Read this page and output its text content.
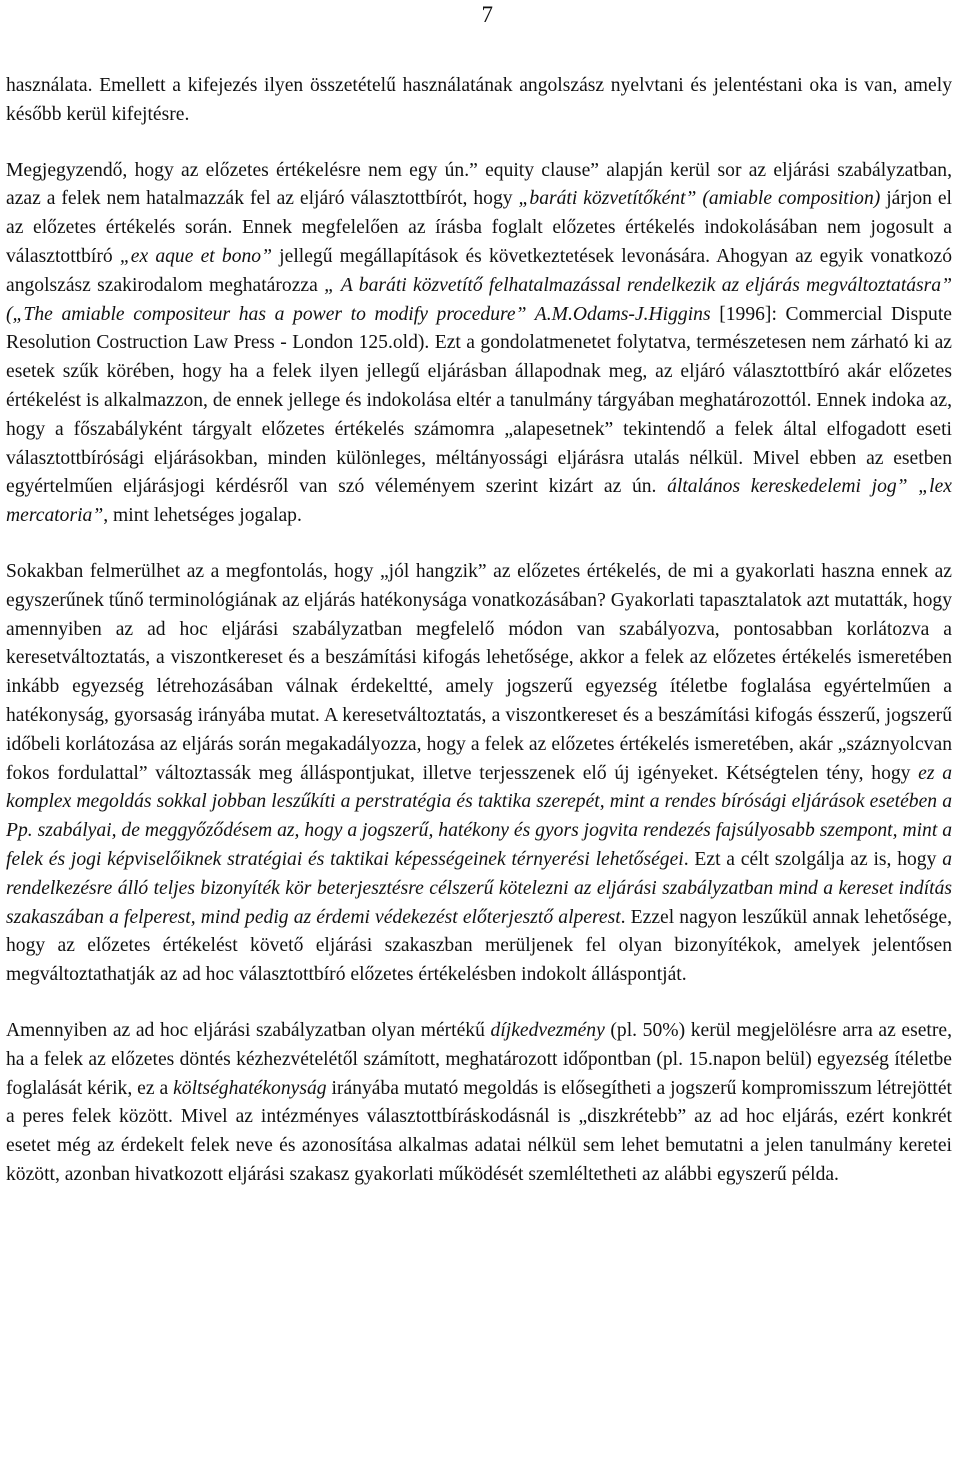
7

használata. Emellett a kifejezés ilyen összetételű használatának angolszász nyelvtani és jelentéstani oka is van, amely később kerül kifejtésre.

Megjegyzendő, hogy az előzetes értékelésre nem egy ún.” equity clause” alapján kerül sor az eljárási szabályzatban, azaz a felek nem hatalmazzák fel az eljáró választottbírót, hogy „baráti közvetítőként” (amiable composition) járjon el az előzetes értékelés során. Ennek megfelelően az írásba foglalt előzetes értékelés indokolásában nem jogosult a választottbíró „ex aque et bono” jellegű megállapítások és következtetések levonására. Ahogyan az egyik vonatkozó angolszász szakirodalom meghatározza „ A baráti közvetítő felhatalmazással rendelkezik az eljárás megváltoztatásra” („The amiable compositeur has a power to modify procedure” A.M.Odams-J.Higgins [1996]: Commercial Dispute Resolution Costruction Law Press - London 125.old). Ezt a gondolatmenetet folytatva, természetesen nem zárható ki az esetek szűk körében, hogy ha a felek ilyen jellegű eljárásban állapodnak meg, az eljáró választottbíró akár előzetes értékelést is alkalmazzon, de ennek jellege és indokolása eltér a tanulmány tárgyában meghatározottól. Ennek indoka az, hogy a főszabályként tárgyalt előzetes értékelés számomra „alapesetnek” tekintendő a felek által elfogadott eseti választottbírósági eljárásokban, minden különleges, méltányossági eljárásra utalás nélkül. Mivel ebben az esetben egyértelműen eljárásjogi kérdésről van szó véleményem szerint kizárt az ún. általános kereskedelemi jog” „lex mercatoria”, mint lehetséges jogalap.

Sokakban felmerülhet az a megfontolás, hogy „jól hangzik” az előzetes értékelés, de mi a gyakorlati haszna ennek az egyszerűnek tűnő terminológiának az eljárás hatékonysága vonatkozásában? Gyakorlati tapasztalatok azt mutatták, hogy amennyiben az ad hoc eljárási szabályzatban megfelelő módon van szabályozva, pontosabban korlátozva a keresetváltoztatás, a viszontkereset és a beszámítási kifogás lehetősége, akkor a felek az előzetes értékelés ismeretében inkább egyezség létrehozásában válnak érdekeltté, amely jogszerű egyezség ítéletbe foglalása egyértelműen a hatékonyság, gyorsaság irányába mutat. A keresetváltoztatás, a viszontkereset és a beszámítási kifogás ésszerű, jogszerű időbeli korlátozása az eljárás során megakadályozza, hogy a felek az előzetes értékelés ismeretében, akár „száznyolcvan fokos fordulattal” változtassák meg álláspontjukat, illetve terjesszenek elő új igényeket. Kétségtelen tény, hogy ez a komplex megoldás sokkal jobban leszűkíti a perstratégia és taktika szerepét, mint a rendes bírósági eljárások esetében a Pp. szabályai, de meggyőződésem az, hogy a jogszerű, hatékony és gyors jogvita rendezés fajsúlyosabb szempont, mint a felek és jogi képviselőiknek stratégiai és taktikai képességeinek térnyerési lehetőségei. Ezt a célt szolgálja az is, hogy a rendelkezésre álló teljes bizonyíték kör beterjesztésre célszerű kötelezni az eljárási szabályzatban mind a kereset indítás szakaszában a felperest, mind pedig az érdemi védekezést előterjesztő alperest. Ezzel nagyon leszűkül annak lehetősége, hogy az előzetes értékelést követő eljárási szakaszban merüljenek fel olyan bizonyítékok, amelyek jelentősen megváltoztathatják az ad hoc választottbíró előzetes értékelésben indokolt álláspontját.

Amennyiben az ad hoc eljárási szabályzatban olyan mértékű díjkedvezmény (pl. 50%) kerül megjelölésre arra az esetre, ha a felek az előzetes döntés kézhezvételétől számított, meghatározott időpontban (pl. 15.napon belül) egyezség ítéletbe foglalását kérik, ez a költséghatékonyság irányába mutató megoldás is elősegítheti a jogszerű kompromisszum létrejöttét a peres felek között. Mivel az intézményes választottbíráskodásnál is „diszkrétebb” az ad hoc eljárás, ezért konkrét esetet még az érdekelt felek neve és azonosítása alkalmas adatai nélkül sem lehet bemutatni a jelen tanulmány keretei között, azonban hivatkozott eljárási szakasz gyakorlati működését szemléltetheti az alábbi egyszerű példa.
